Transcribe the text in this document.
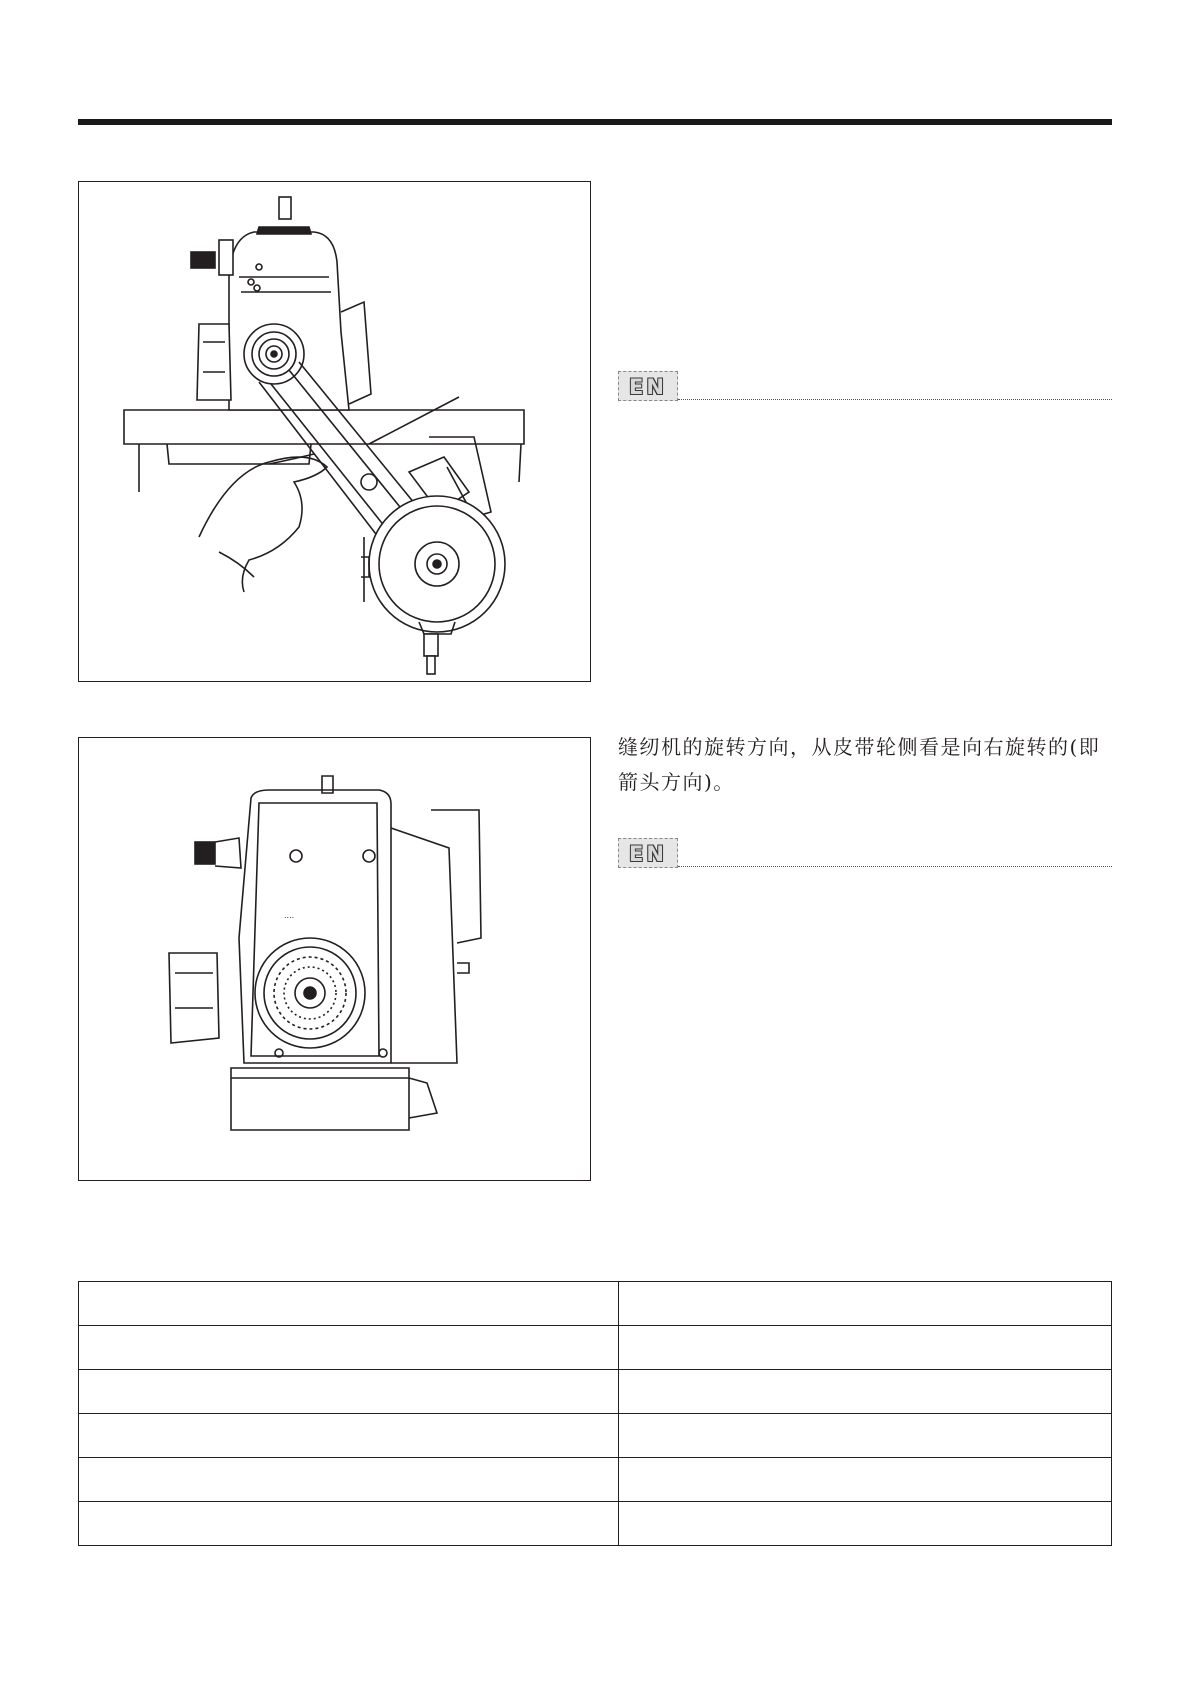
....
EN
缝纫机的旋转方向，从皮带轮侧看是向右旋转的(即
箭头方向)。
EN
